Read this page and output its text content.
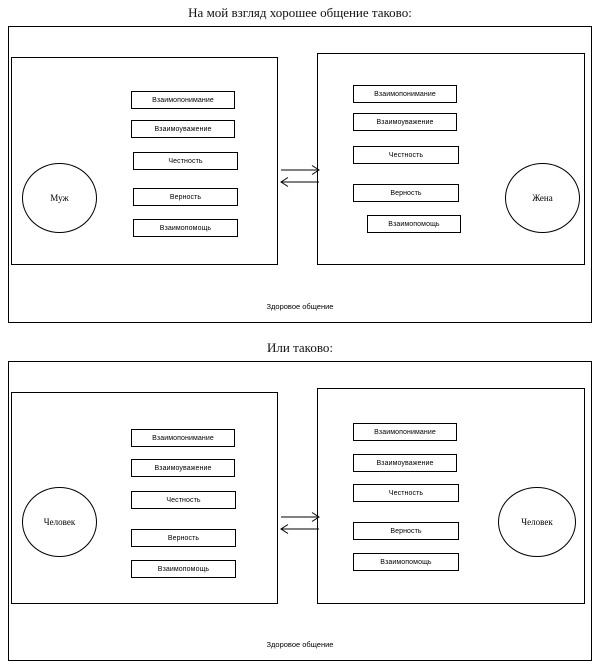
На мой взгляд хорошее общение таково:
Муж	Жена
Взаимопонимание
Взаимоуважение
Честность
Верность
Взаимопомощь
Взаимопонимание
Взаимоуважение
Честность
Верность
Взаимопомощь
Здоровое общение
Или таково:
Человек	Человек
Взаимопонимание
Взаимоуважение
Честность
Верность
Взаимопомощь
Взаимопонимание
Взаимоуважение
Честность
Верность
Взаимопомощь
Здоровое общение
